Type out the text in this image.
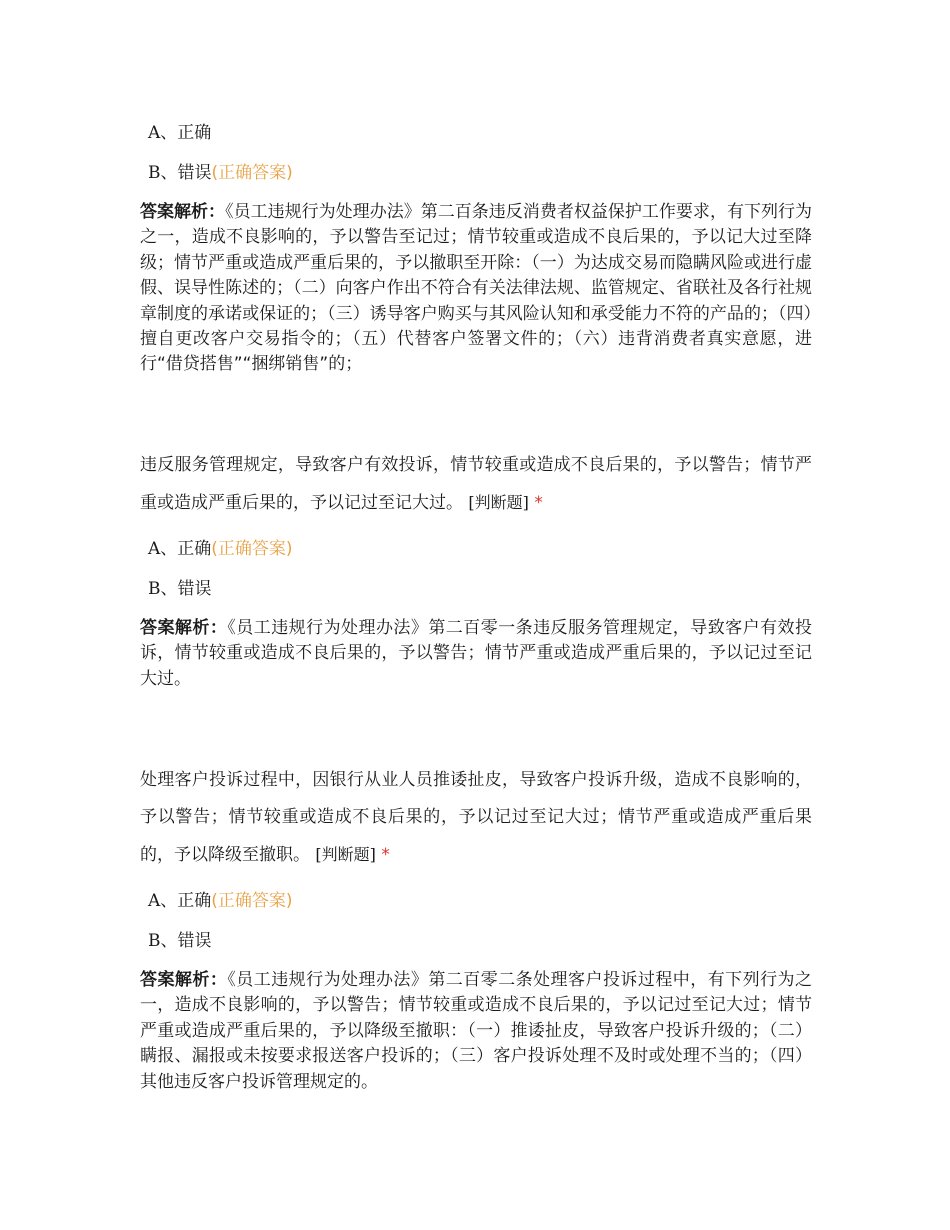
A、正确
B、错误(正确答案)
答案解析：《员工违规行为处理办法》第二百条违反消费者权益保护工作要求，有下列行为之一，造成不良影响的，予以警告至记过；情节较重或造成不良后果的，予以记大过至降级；情节严重或造成严重后果的，予以撤职至开除：（一）为达成交易而隐瞒风险或进行虚假、误导性陈述的；（二）向客户作出不符合有关法律法规、监管规定、省联社及各行社规章制度的承诺或保证的；（三）诱导客户购买与其风险认知和承受能力不符的产品的；（四）擅自更改客户交易指令的；（五）代替客户签署文件的；（六）违背消费者真实意愿，进行“借贷搭售”“捆绑销售”的；
违反服务管理规定，导致客户有效投诉，情节较重或造成不良后果的，予以警告；情节严重或造成严重后果的，予以记过至记大过。 [判断题] *
A、正确(正确答案)
B、错误
答案解析：《员工违规行为处理办法》第二百零一条违反服务管理规定，导致客户有效投诉，情节较重或造成不良后果的，予以警告；情节严重或造成严重后果的，予以记过至记大过。
处理客户投诉过程中，因银行从业人员推诿扯皮，导致客户投诉升级，造成不良影响的，予以警告；情节较重或造成不良后果的，予以记过至记大过；情节严重或造成严重后果的，予以降级至撤职。 [判断题] *
A、正确(正确答案)
B、错误
答案解析：《员工违规行为处理办法》第二百零二条处理客户投诉过程中，有下列行为之一，造成不良影响的，予以警告；情节较重或造成不良后果的，予以记过至记大过；情节严重或造成严重后果的，予以降级至撤职：（一）推诿扯皮，导致客户投诉升级的；（二）瞒报、漏报或未按要求报送客户投诉的；（三）客户投诉处理不及时或处理不当的；（四）其他违反客户投诉管理规定的。
